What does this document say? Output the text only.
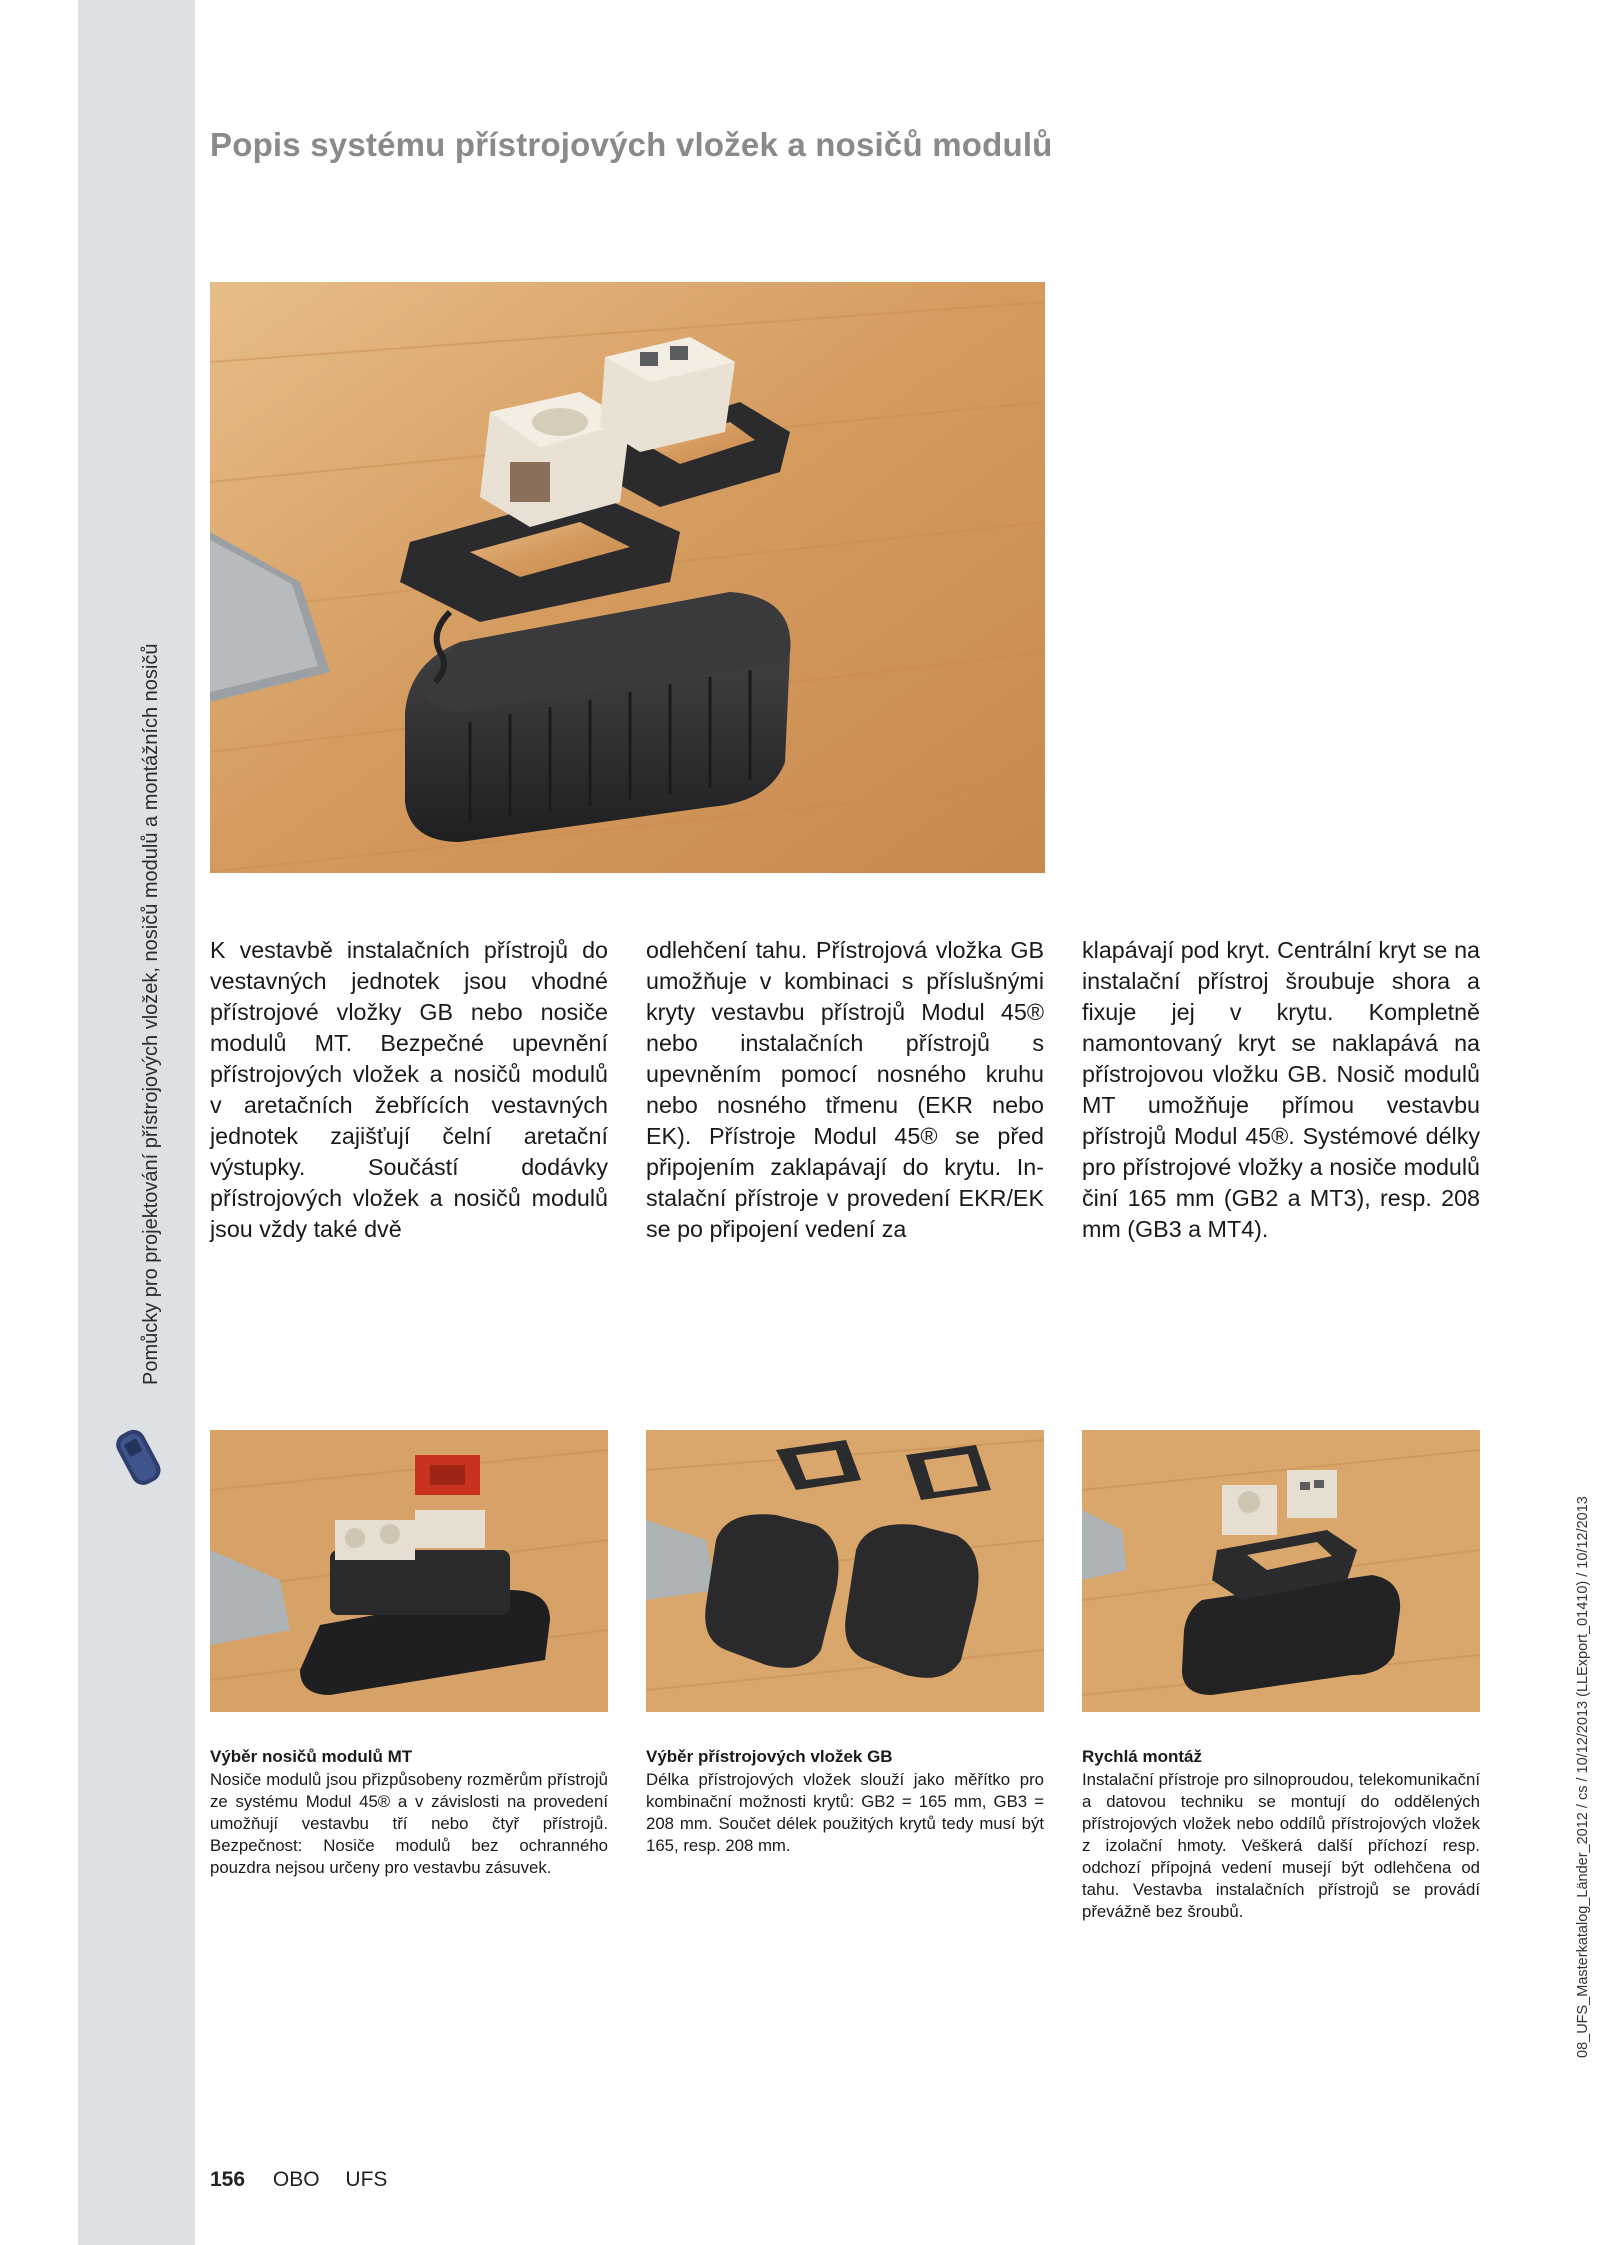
Pomůcky pro projektování přístrojových vložek, nosičů modulů a montážních nosičů
Popis systému přístrojových vložek a nosičů modulů
K vestavbě instalačních přístrojů do vestavných jednotek jsou vhodné přístrojové vložky GB nebo nosiče modulů MT. Bezpečné upevnění přístrojových vložek a nosičů modulů v aretačních žebřících vestavných jednotek zajišťují čelní aretační výstupky. Součástí dodávky přístrojových vložek a nosičů modulů jsou vždy také dvě
odlehčení tahu. Přístrojová vložka GB umožňuje v kombinaci s příslušnými kryty vestavbu přístrojů Modul 45® nebo instalačních přístrojů s upevněním pomocí nosného kruhu nebo nosného třmenu (EKR nebo EK). Přístroje Modul 45® se před připojením zaklapávají do krytu. Instalační přístroje v provedení EKR/EK se po připojení vedení za
klapávají pod kryt. Centrální kryt se na instalační přístroj šroubuje shora a fixuje jej v krytu. Kompletně namontovaný kryt se naklapává na přístrojovou vložku GB. Nosič modulů MT umožňuje přímou vestavbu přístrojů Modul 45®. Systémové délky pro přístrojové vložky a nosiče modulů činí 165 mm (GB2 a MT3), resp. 208 mm (GB3 a MT4).
Výběr nosičů modulů MT

Nosiče modulů jsou přizpůsobeny rozměrům přístrojů ze systému Modul 45® a v závislosti na provedení umožňují vestavbu tří nebo čtyř přístrojů. Bezpečnost: Nosiče modulů bez ochranného pouzdra nejsou určeny pro vestavbu zásuvek.

Výběr přístrojových vložek GB

Délka přístrojových vložek slouží jako měřítko pro kombinační možnosti krytů: GB2 = 165 mm, GB3 = 208 mm. Součet délek použitých krytů tedy musí být 165, resp. 208 mm.

Rychlá montáž

Instalační přístroje pro silnoproudou, telekomunikační a datovou techniku se montují do oddělených přístrojových vložek nebo oddílů přístrojových vložek z izolační hmoty. Veškerá další příchozí resp. odchozí přípojná vedení musejí být odlehčena od tahu. Vestavba instalačních přístrojů se provádí převážně bez šroubů.	08_UFS_Masterkatalog_Länder_2012 / cs / 10/12/2013 (LLExport_01410) / 10/12/2013
156 OBO UFS
